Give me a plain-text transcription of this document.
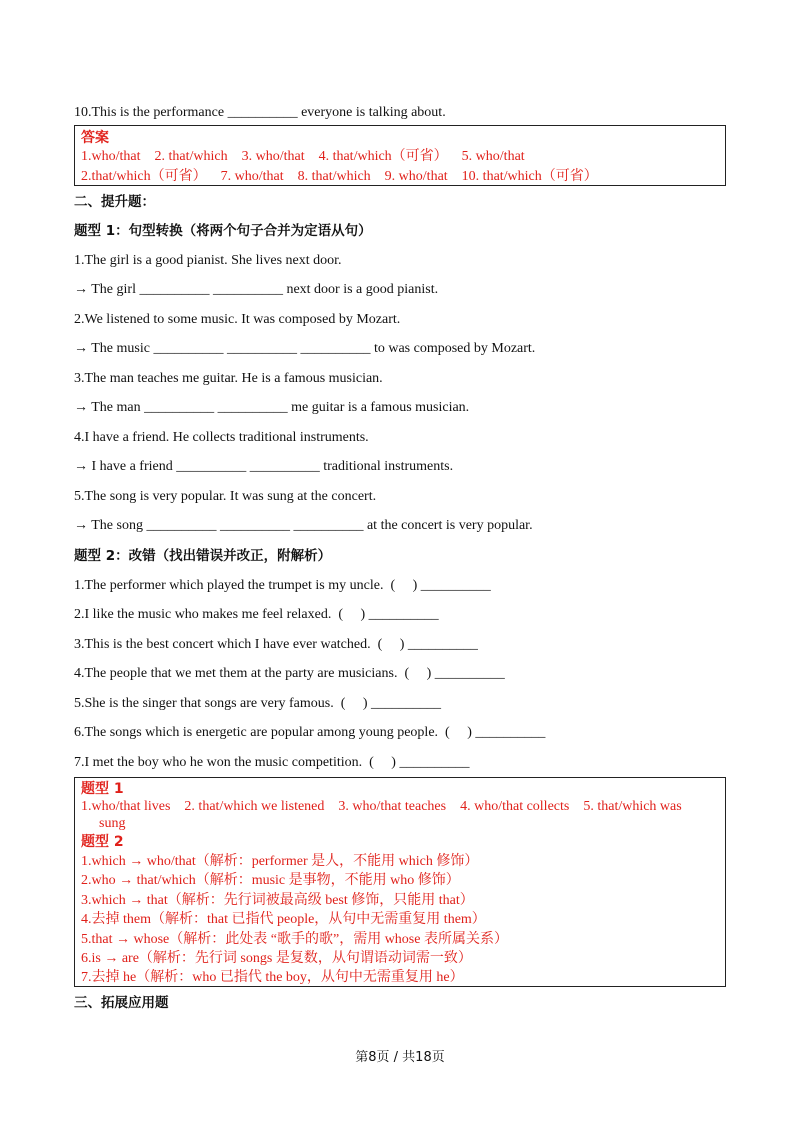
10.This is the performance __________ everyone is talking about.
答案
1.who/that    2. that/which    3. who/that    4. that/which（可省）    5. who/that
2.that/which（可省）    7. who/that    8. that/which    9. who/that    10. that/which（可省）
二、提升题：
题型 1：句型转换（将两个句子合并为定语从句）
1.The girl is a good pianist. She lives next door.
→ The girl __________ __________ next door is a good pianist.
2.We listened to some music. It was composed by Mozart.
→ The music __________ __________ __________ to was composed by Mozart.
3.The man teaches me guitar. He is a famous musician.
→ The man __________ __________ me guitar is a famous musician.
4.I have a friend. He collects traditional instruments.
→ I have a friend __________ __________ traditional instruments.
5.The song is very popular. It was sung at the concert.
→ The song __________ __________ __________ at the concert is very popular.
题型 2：改错（找出错误并改正，附解析）
1.The performer which played the trumpet is my uncle.  (     ) __________
2.I like the music who makes me feel relaxed.  (     ) __________
3.This is the best concert which I have ever watched.  (     ) __________
4.The people that we met them at the party are musicians.  (     ) __________
5.She is the singer that songs are very famous.  (     ) __________
6.The songs which is energetic are popular among young people.  (     ) __________
7.I met the boy who he won the music competition.  (     ) __________
题型 1
1.who/that lives    2. that/which we listened    3. who/that teaches    4. who/that collects    5. that/which was
sung
题型 2
1.which → who/that（解析：performer 是人，不能用 which 修饰）
2.who → that/which（解析：music 是事物，不能用 who 修饰）
3.which → that（解析：先行词被最高级 best 修饰，只能用 that）
4.去掉 them（解析：that 已指代 people，从句中无需重复用 them）
5.that → whose（解析：此处表 “歌手的歌”，需用 whose 表所属关系）
6.is → are（解析：先行词 songs 是复数，从句谓语动词需一致）
7.去掉 he（解析：who 已指代 the boy，从句中无需重复用 he）
三、拓展应用题
第8页 / 共18页
